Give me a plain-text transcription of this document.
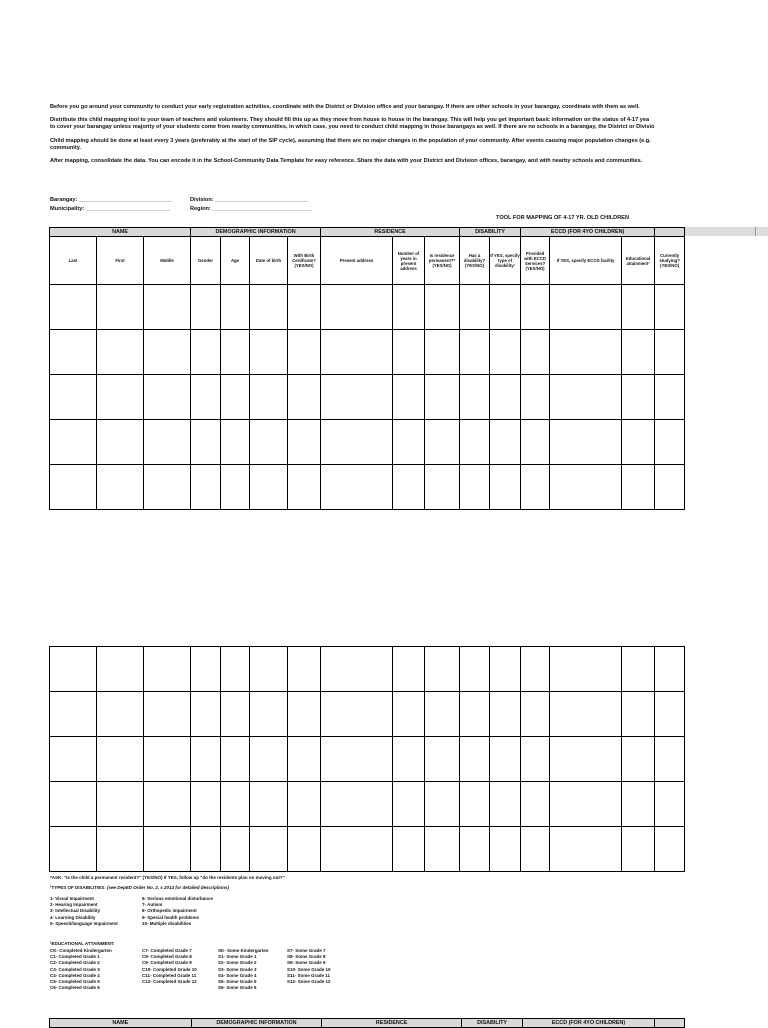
Before you go around your community to conduct your early registration activities, coordinate with the District or Division office and your barangay. If there are other schools in your barangay, coordinate with them as well.
Distribute this child mapping tool to your team of teachers and volunteers. They should fill this up as they move from house to house in the barangay. This will help you get important basic information on the status of 4-17 yea
to cover your barangay unless majority of your students come from nearby communities, in which case, you need to conduct child mapping in those barangays as well. If there are no schools in a barangay, the District or Divisio
Child mapping should be done at least every 3 years (preferably at the start of the SIP cycle), assuming that there are no major changes in the population of your community. After events causing major population changes (e.g.
community.
After mapping, consolidate the data. You can encode it in the School-Community Data Template for easy reference. Share the data with your District and Division offices, barangay, and with nearby schools and communities.
Barangay: ______________________________
Municipality: ___________________________
Division: ______________________________
Region: ________________________________
TOOL FOR MAPPING OF 4-17 YR. OLD CHILDREN
NAME			DEMOGRAPHIC INFORMATION				RESIDENCE			DISABILITY		ECCD (FOR 4YO CHILDREN)			
Last	First	Middle	Gender	Age	Date of birth	With Birth Certificate? (YES/NO)	Present address	Number of years in present address	Is residence permanent?* (YES/NO)	Has a disability? (YES/NO)	If YES, specify type of disability¹	Provided with ECCD Services? (YES/NO)	If YES, specify ECCD facility	Educational attainment²	Currently studying? (YES/NO)

*ASK: "Is the child a permanent resident?" (YES/NO) If YES, follow up "do the residents plan on moving out?"
¹TYPES OF DISABILITIES: (see DepED Order No. 2, s 2014 for detailed descriptions)
1- Visual Impairment
2- Hearing Impairment
3- Intellectual Disability
4- Learning Disability
5- Speech/language Impairment
6- Serious emotional disturbance
7- Autism
8- Orthopedic impairment
9- Special health problems
10- Multiple disabilities
²EDUCATIONAL ATTAINMENT:
CK- Completed Kindergarten
C1- Completed Grade 1
C2- Completed Grade 2
C3- Completed Grade 3
C4- Completed Grade 4
C5- Completed Grade 5
C6- Completed Grade 6
C7- Completed Grade 7
C8- Completed Grade 8
C9- Completed Grade 9
C10- Completed Grade 10
C11- Completed Grade 11
C12- Completed Grade 12
SK- Some Kindergarten
S1- Some Grade 1
S2- Some Grade 2
S3- Some Grade 3
S4- Some Grade 4
S5- Some Grade 5
S6- Some Grade 6
S7- Some Grade 7
S8- Some Grade 8
S9- Some Grade 9
S10- Some Grade 10
S11- Some Grade 11
S12- Some Grade 12
NAME	DEMOGRAPHIC INFORMATION	RESIDENCE	DISABILITY	ECCD (FOR 4YO CHILDREN)	
